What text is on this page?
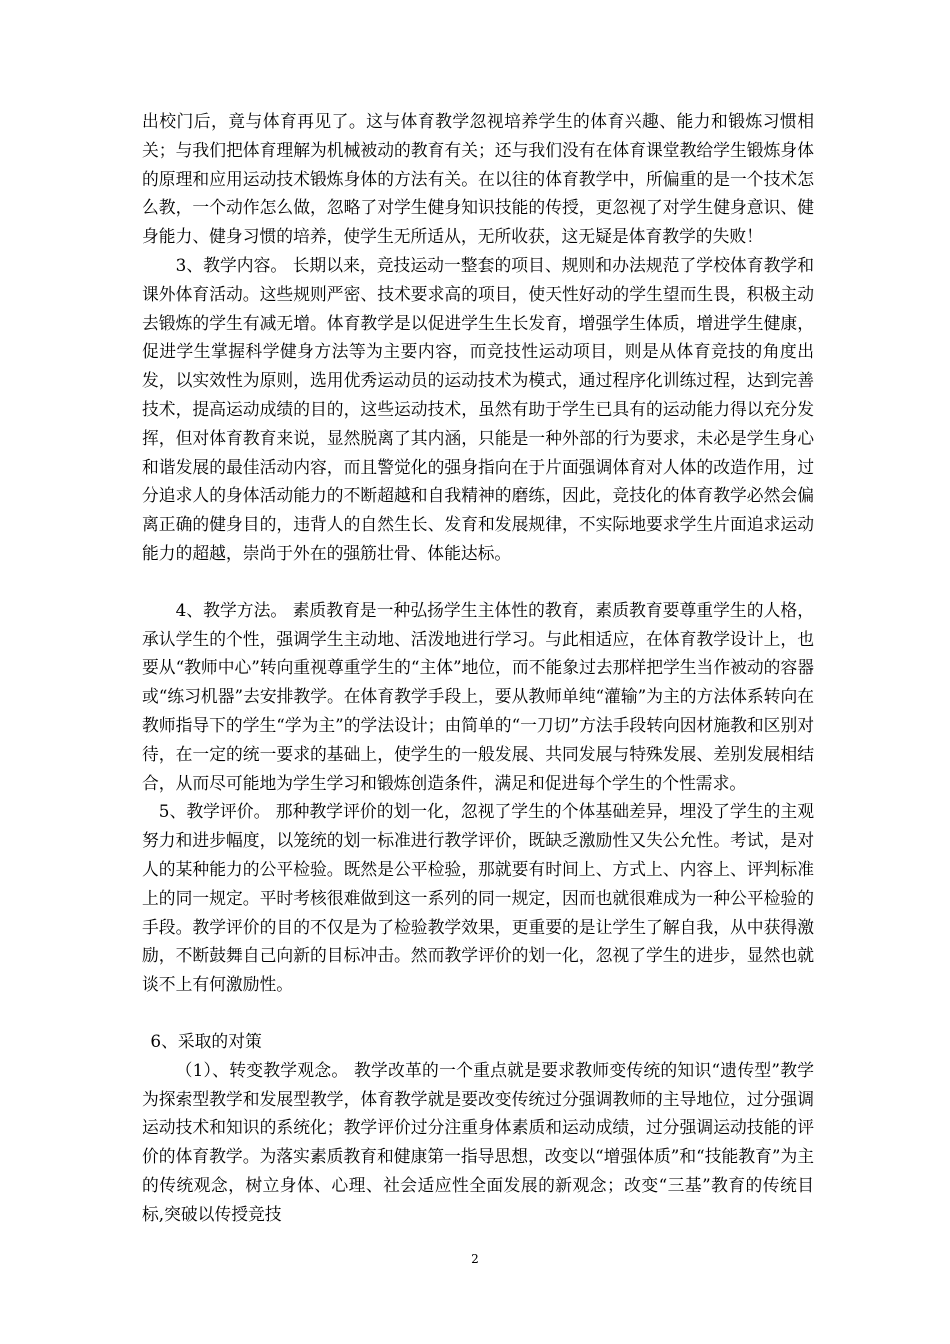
出校门后，竟与体育再见了。这与体育教学忽视培养学生的体育兴趣、能力和锻炼习惯相关；与我们把体育理解为机械被动的教育有关；还与我们没有在体育课堂教给学生锻炼身体的原理和应用运动技术锻炼身体的方法有关。在以往的体育教学中，所偏重的是一个技术怎么教，一个动作怎么做，忽略了对学生健身知识技能的传授，更忽视了对学生健身意识、健身能力、健身习惯的培养，使学生无所适从，无所收获，这无疑是体育教学的失败！

3、教学内容。 长期以来，竞技运动一整套的项目、规则和办法规范了学校体育教学和课外体育活动。这些规则严密、技术要求高的项目，使天性好动的学生望而生畏，积极主动去锻炼的学生有减无增。体育教学是以促进学生生长发育，增强学生体质，增进学生健康，促进学生掌握科学健身方法等为主要内容，而竞技性运动项目，则是从体育竞技的角度出发，以实效性为原则，选用优秀运动员的运动技术为模式，通过程序化训练过程，达到完善技术，提高运动成绩的目的，这些运动技术，虽然有助于学生已具有的运动能力得以充分发挥，但对体育教育来说，显然脱离了其内涵，只能是一种外部的行为要求，未必是学生身心和谐发展的最佳活动内容，而且警觉化的强身指向在于片面强调体育对人体的改造作用，过分追求人的身体活动能力的不断超越和自我精神的磨练，因此，竞技化的体育教学必然会偏离正确的健身目的，违背人的自然生长、发育和发展规律，不实际地要求学生片面追求运动能力的超越，崇尚于外在的强筋壮骨、体能达标。

4、教学方法。 素质教育是一种弘扬学生主体性的教育，素质教育要尊重学生的人格，承认学生的个性，强调学生主动地、活泼地进行学习。与此相适应，在体育教学设计上，也要从“教师中心”转向重视尊重学生的“主体”地位，而不能象过去那样把学生当作被动的容器或“练习机器”去安排教学。在体育教学手段上，要从教师单纯“灌输”为主的方法体系转向在教师指导下的学生“学为主”的学法设计；由简单的“一刀切”方法手段转向因材施教和区别对待，在一定的统一要求的基础上，使学生的一般发展、共同发展与特殊发展、差别发展相结合，从而尽可能地为学生学习和锻炼创造条件，满足和促进每个学生的个性需求。

5、教学评价。 那种教学评价的划一化，忽视了学生的个体基础差异，埋没了学生的主观努力和进步幅度，以笼统的划一标准进行教学评价，既缺乏激励性又失公允性。考试，是对人的某种能力的公平检验。既然是公平检验，那就要有时间上、方式上、内容上、评判标准上的同一规定。平时考核很难做到这一系列的同一规定，因而也就很难成为一种公平检验的手段。教学评价的目的不仅是为了检验教学效果，更重要的是让学生了解自我，从中获得激励，不断鼓舞自己向新的目标冲击。然而教学评价的划一化，忽视了学生的进步，显然也就谈不上有何激励性。

6、采取的对策

（1）、转变教学观念。 教学改革的一个重点就是要求教师变传统的知识“遗传型”教学为探索型教学和发展型教学，体育教学就是要改变传统过分强调教师的主导地位，过分强调运动技术和知识的系统化；教学评价过分注重身体素质和运动成绩，过分强调运动技能的评价的体育教学。为落实素质教育和健康第一指导思想，改变以“增强体质”和“技能教育”为主的传统观念，树立身体、心理、社会适应性全面发展的新观念；改变“三基”教育的传统目标,突破以传授竞技

2
